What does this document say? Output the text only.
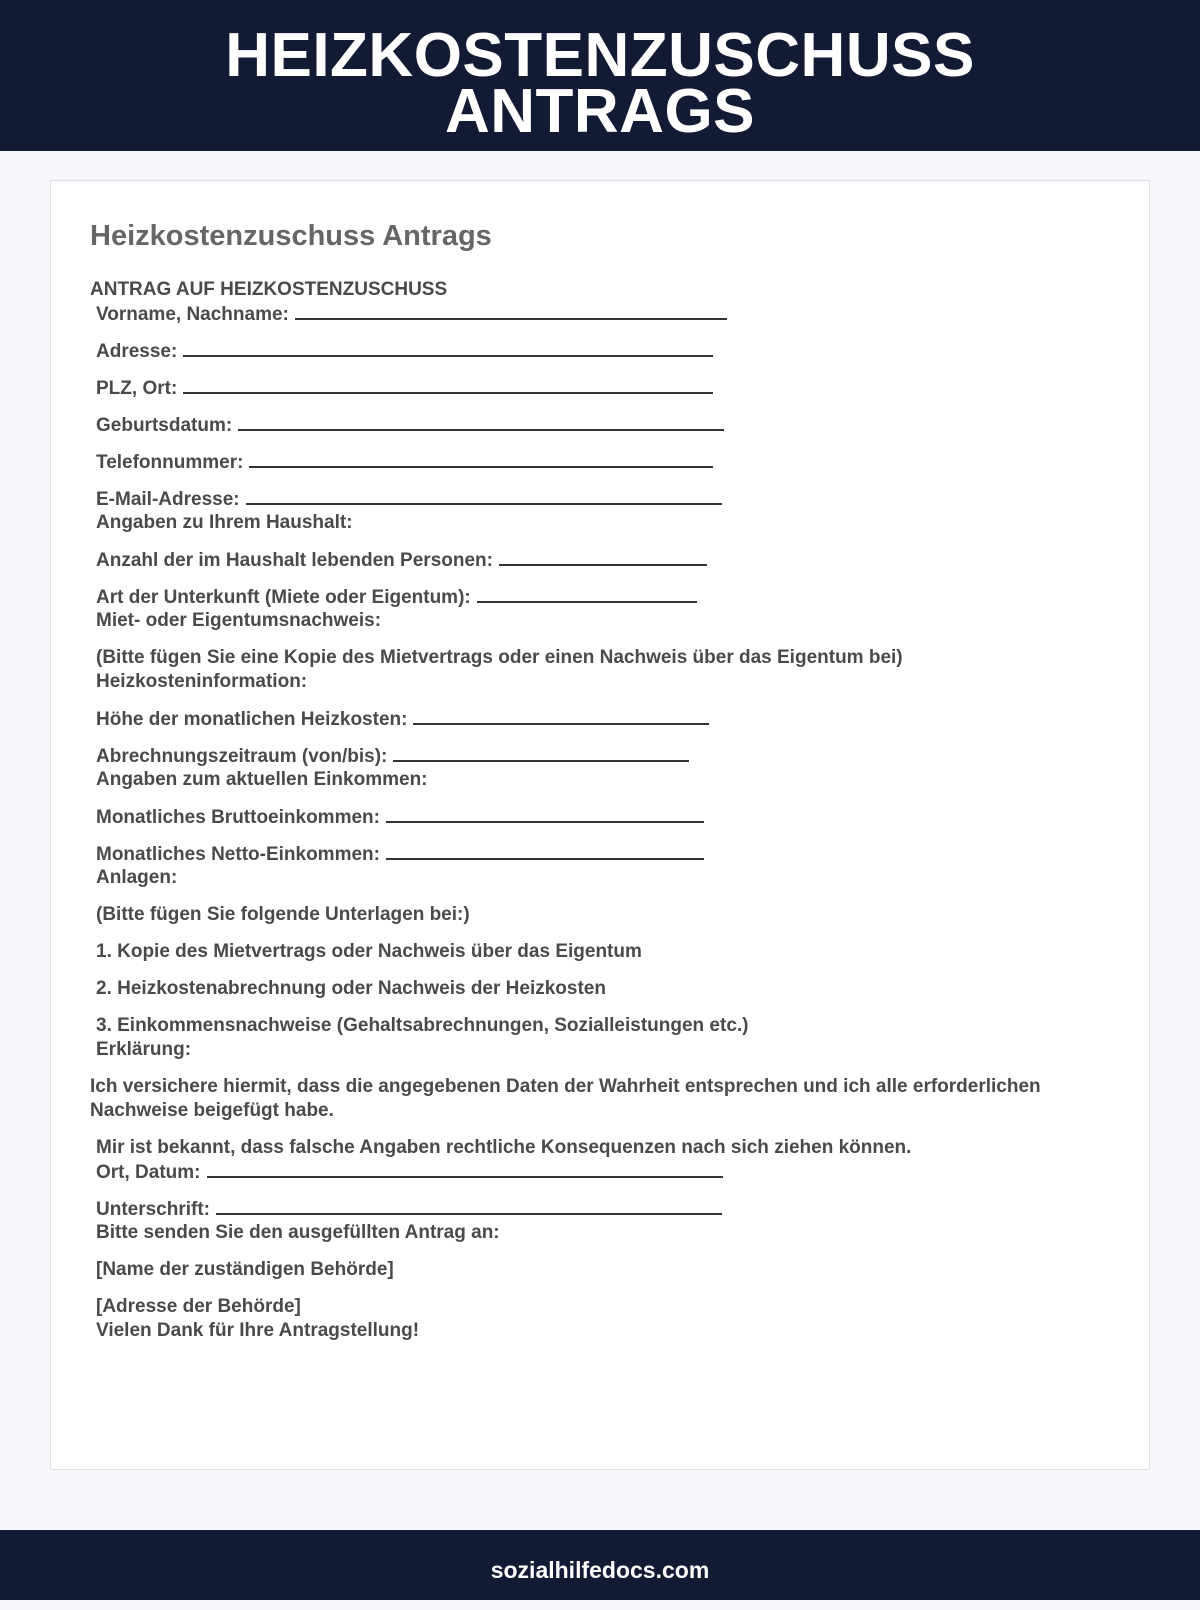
HEIZKOSTENZUSCHUSS
ANTRAGS
Heizkostenzuschuss Antrags
ANTRAG AUF HEIZKOSTENZUSCHUSS
Vorname, Nachname:
Adresse:
PLZ, Ort:
Geburtsdatum:
Telefonnummer:
E-Mail-Adresse:
Angaben zu Ihrem Haushalt:
Anzahl der im Haushalt lebenden Personen:
Art der Unterkunft (Miete oder Eigentum):
Miet- oder Eigentumsnachweis:
(Bitte fügen Sie eine Kopie des Mietvertrags oder einen Nachweis über das Eigentum bei)
Heizkosteninformation:
Höhe der monatlichen Heizkosten:
Abrechnungszeitraum (von/bis):
Angaben zum aktuellen Einkommen:
Monatliches Bruttoeinkommen:
Monatliches Netto-Einkommen:
Anlagen:
(Bitte fügen Sie folgende Unterlagen bei:)
1. Kopie des Mietvertrags oder Nachweis über das Eigentum
2. Heizkostenabrechnung oder Nachweis der Heizkosten
3. Einkommensnachweise (Gehaltsabrechnungen, Sozialleistungen etc.)
Erklärung:
Ich versichere hiermit, dass die angegebenen Daten der Wahrheit entsprechen und ich alle erforderlichen Nachweise beigefügt habe.
Mir ist bekannt, dass falsche Angaben rechtliche Konsequenzen nach sich ziehen können.
Ort, Datum:
Unterschrift:
Bitte senden Sie den ausgefüllten Antrag an:
[Name der zuständigen Behörde]
[Adresse der Behörde]
Vielen Dank für Ihre Antragstellung!
sozialhilfedocs.com
